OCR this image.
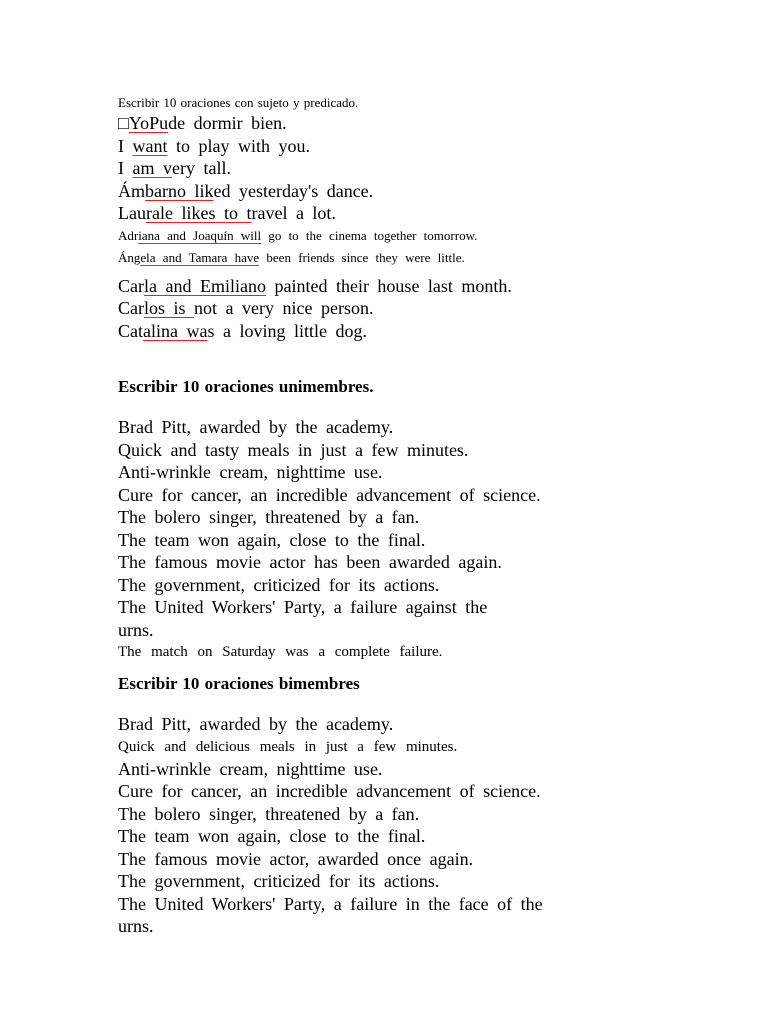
Escribir 10 oraciones con sujeto y predicado.
□YoPude dormir bien.
I want to play with you.
I am very tall.
Ámbarno liked yesterday's dance.
Laurale likes to travel a lot.
Adriana and Joaquín will go to the cinema together tomorrow.
Ángela and Tamara have been friends since they were little.
Carla and Emiliano painted their house last month.
Carlos is not a very nice person.
Catalina was a loving little dog.
Escribir 10 oraciones unimembres.
Brad Pitt, awarded by the academy.
Quick and tasty meals in just a few minutes.
Anti-wrinkle cream, nighttime use.
Cure for cancer, an incredible advancement of science.
The bolero singer, threatened by a fan.
The team won again, close to the final.
The famous movie actor has been awarded again.
The government, criticized for its actions.
The United Workers' Party, a failure against the
urns.
The match on Saturday was a complete failure.
Escribir 10 oraciones bimembres
Brad Pitt, awarded by the academy.
Quick and delicious meals in just a few minutes.
Anti-wrinkle cream, nighttime use.
Cure for cancer, an incredible advancement of science.
The bolero singer, threatened by a fan.
The team won again, close to the final.
The famous movie actor, awarded once again.
The government, criticized for its actions.
The United Workers' Party, a failure in the face of the
urns.
